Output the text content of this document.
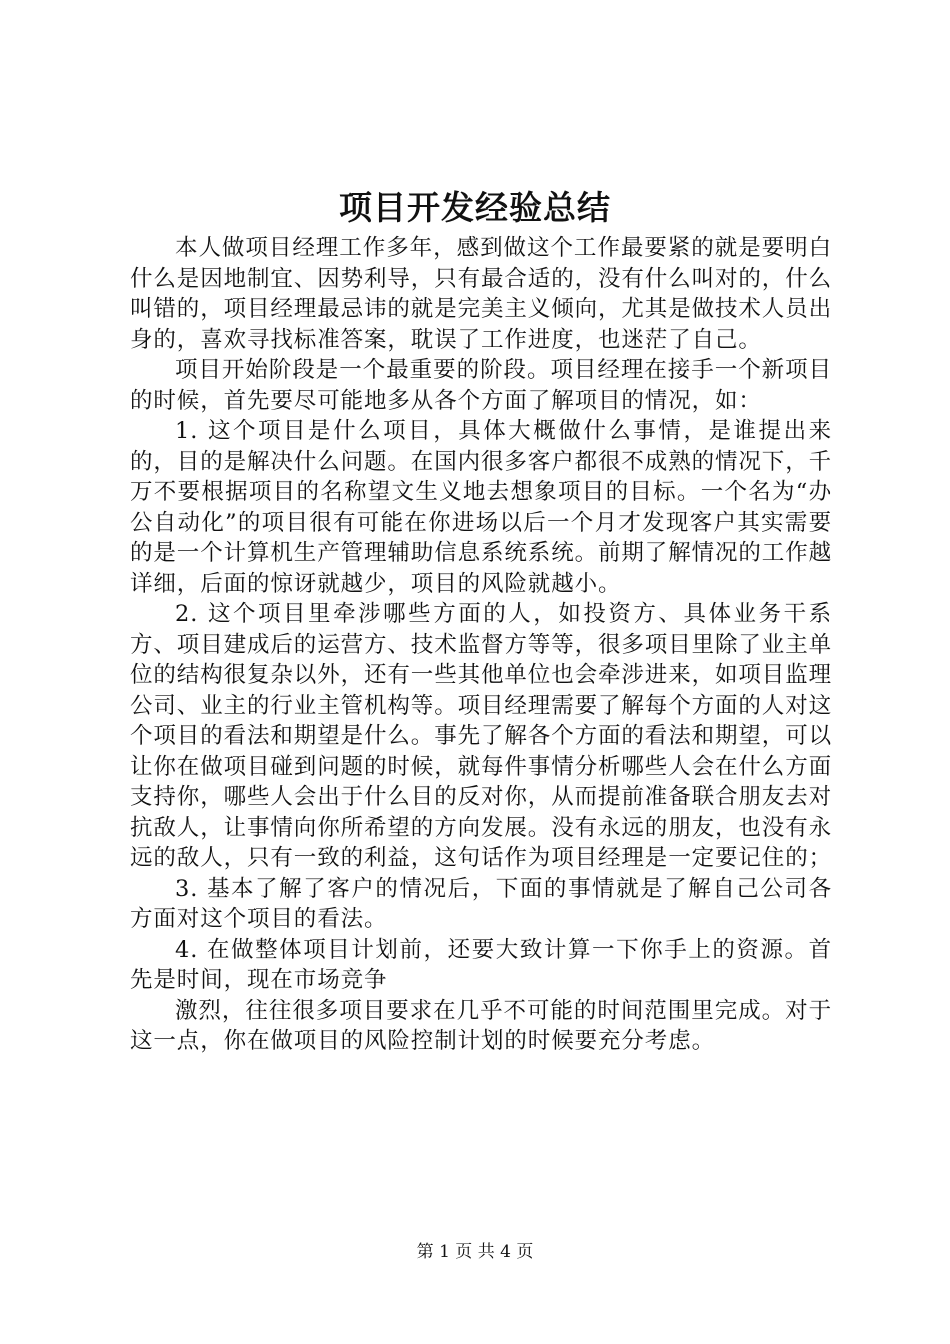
项目开发经验总结

本人做项目经理工作多年，感到做这个工作最要紧的就是要明白什么是因地制宜、因势利导，只有最合适的，没有什么叫对的，什么叫错的，项目经理最忌讳的就是完美主义倾向，尤其是做技术人员出身的，喜欢寻找标准答案，耽误了工作进度，也迷茫了自己。

项目开始阶段是一个最重要的阶段。项目经理在接手一个新项目的时候，首先要尽可能地多从各个方面了解项目的情况，如：

1. 这个项目是什么项目，具体大概做什么事情，是谁提出来的，目的是解决什么问题。在国内很多客户都很不成熟的情况下，千万不要根据项目的名称望文生义地去想象项目的目标。一个名为“办公自动化”的项目很有可能在你进场以后一个月才发现客户其实需要的是一个计算机生产管理辅助信息系统系统。前期了解情况的工作越详细，后面的惊讶就越少，项目的风险就越小。

2. 这个项目里牵涉哪些方面的人，如投资方、具体业务干系方、项目建成后的运营方、技术监督方等等，很多项目里除了业主单位的结构很复杂以外，还有一些其他单位也会牵涉进来，如项目监理公司、业主的行业主管机构等。项目经理需要了解每个方面的人对这个项目的看法和期望是什么。事先了解各个方面的看法和期望，可以让你在做项目碰到问题的时候，就每件事情分析哪些人会在什么方面支持你，哪些人会出于什么目的反对你，从而提前准备联合朋友去对抗敌人，让事情向你所希望的方向发展。没有永远的朋友，也没有永远的敌人，只有一致的利益，这句话作为项目经理是一定要记住的；

3. 基本了解了客户的情况后，下面的事情就是了解自己公司各方面对这个项目的看法。

4. 在做整体项目计划前，还要大致计算一下你手上的资源。首先是时间，现在市场竞争

激烈，往往很多项目要求在几乎不可能的时间范围里完成。对于这一点，你在做项目的风险控制计划的时候要充分考虑。

第 1 页 共 4 页
